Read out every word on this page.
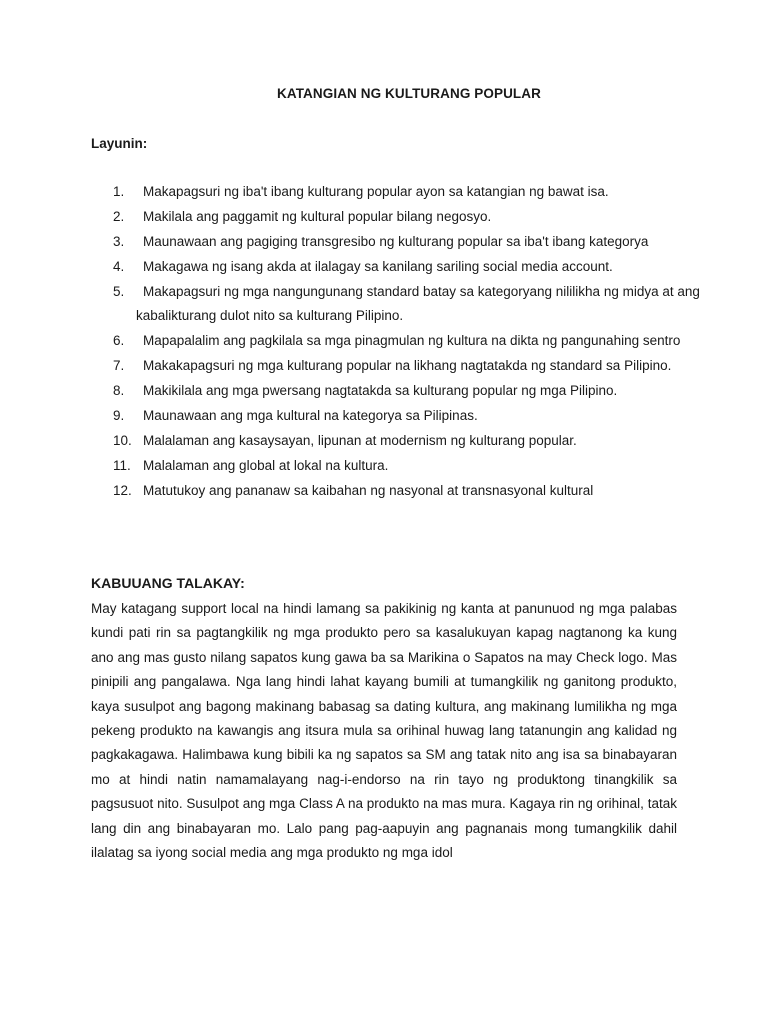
KATANGIAN NG KULTURANG POPULAR
Layunin:
1.	Makapagsuri ng iba't ibang kulturang popular ayon sa katangian ng bawat isa.
2.	Makilala ang paggamit ng kultural popular bilang negosyo.
3.	Maunawaan ang pagiging transgresibo ng kulturang popular sa iba't ibang kategorya
4.	Makagawa ng isang akda at ilalagay sa kanilang sariling social media account.
5.	Makapagsuri ng mga nangungunang standard batay sa kategoryang nililikha ng midya at ang kabalikturang dulot nito sa kulturang Pilipino.
6.	Mapapalalim ang pagkilala sa mga pinagmulan ng kultura na dikta ng pangunahing sentro
7.	Makakapagsuri ng mga kulturang popular na likhang nagtatakda ng standard sa Pilipino.
8.	Makikilala ang mga pwersang nagtatakda sa kulturang popular ng mga Pilipino.
9.	Maunawaan ang mga kultural na kategorya sa Pilipinas.
10. Malalaman ang kasaysayan, lipunan at modernism ng kulturang popular.
11. Malalaman ang global at lokal na kultura.
12. Matutukoy ang pananaw sa kaibahan ng nasyonal at transnasyonal kultural
KABUUANG TALAKAY:

May katagang support local na hindi lamang sa pakikinig ng kanta at panunuod ng mga palabas kundi pati rin sa pagtangkilik ng mga produkto pero sa kasalukuyan kapag nagtanong ka kung ano ang mas gusto nilang sapatos kung gawa ba sa Marikina o Sapatos na may Check logo. Mas pinipili ang pangalawa. Nga lang hindi lahat kayang bumili at tumangkilik ng ganitong produkto, kaya susulpot ang bagong makinang babasag sa dating kultura, ang makinang lumilikha ng mga pekeng produkto na kawangis ang itsura mula sa orihinal huwag lang tatanungin ang kalidad ng pagkakagawa. Halimbawa kung bibili ka ng sapatos sa SM ang tatak nito ang isa sa binabayaran mo at hindi natin namamalayang nag-i-endorso na rin tayo ng produktong tinangkilik sa pagsusuot nito. Susulpot ang mga Class A na produkto na mas mura. Kagaya rin ng orihinal, tatak lang din ang binabayaran mo. Lalo pang pag-aapuyin ang pagnanais mong tumangkilik dahil ilalatag sa iyong social media ang mga produkto ng mga idol
